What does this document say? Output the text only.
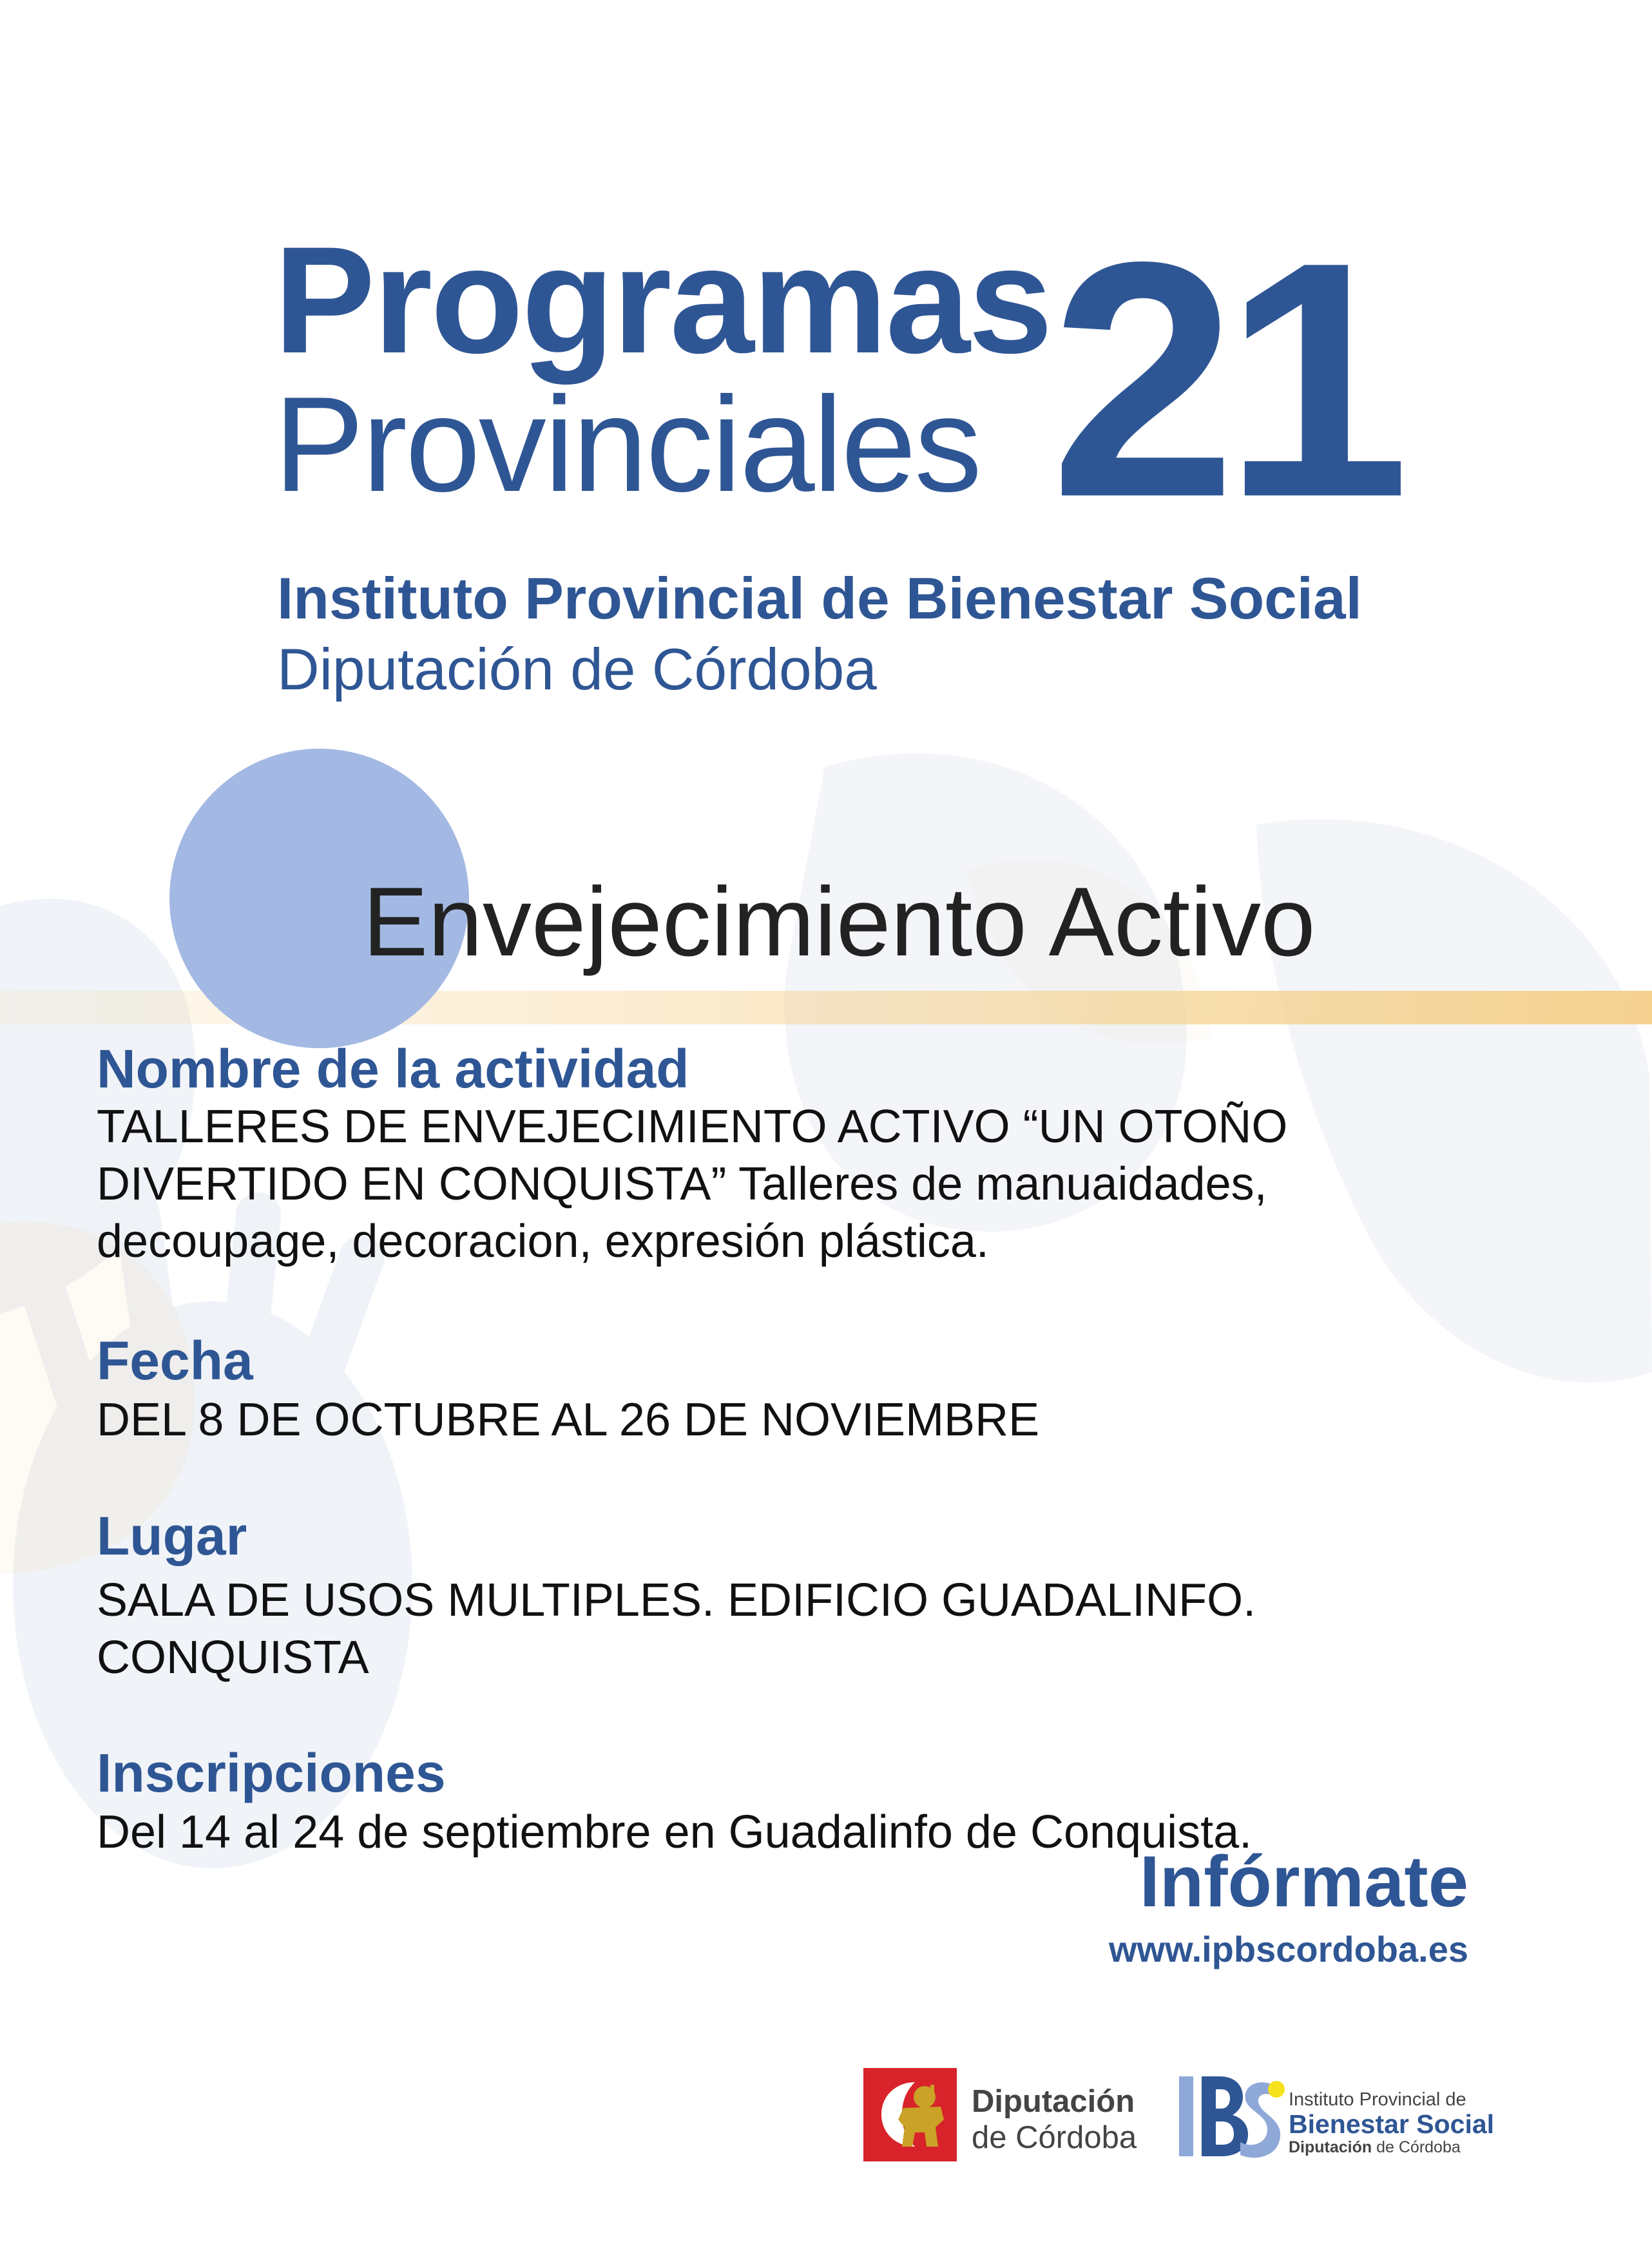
Programas
Provinciales 21
Instituto Provincial de Bienestar Social
Diputación de Córdoba
Envejecimiento Activo
Nombre de la actividad

TALLERES DE ENVEJECIMIENTO ACTIVO “UN OTOÑO DIVERTIDO EN CONQUISTA” Talleres de manuaidades, decoupage, decoracion, expresión plástica.

Fecha

DEL 8 DE OCTUBRE AL 26 DE NOVIEMBRE

Lugar

SALA DE USOS MULTIPLES. EDIFICIO GUADALINFO. CONQUISTA

Inscripciones

Del 14 al 24 de septiembre en Guadalinfo de Conquista.

Infórmate
www.ipbscordoba.es
Diputación
de Córdoba
Instituto Provincial de
Bienestar Social
Diputación de Córdoba
